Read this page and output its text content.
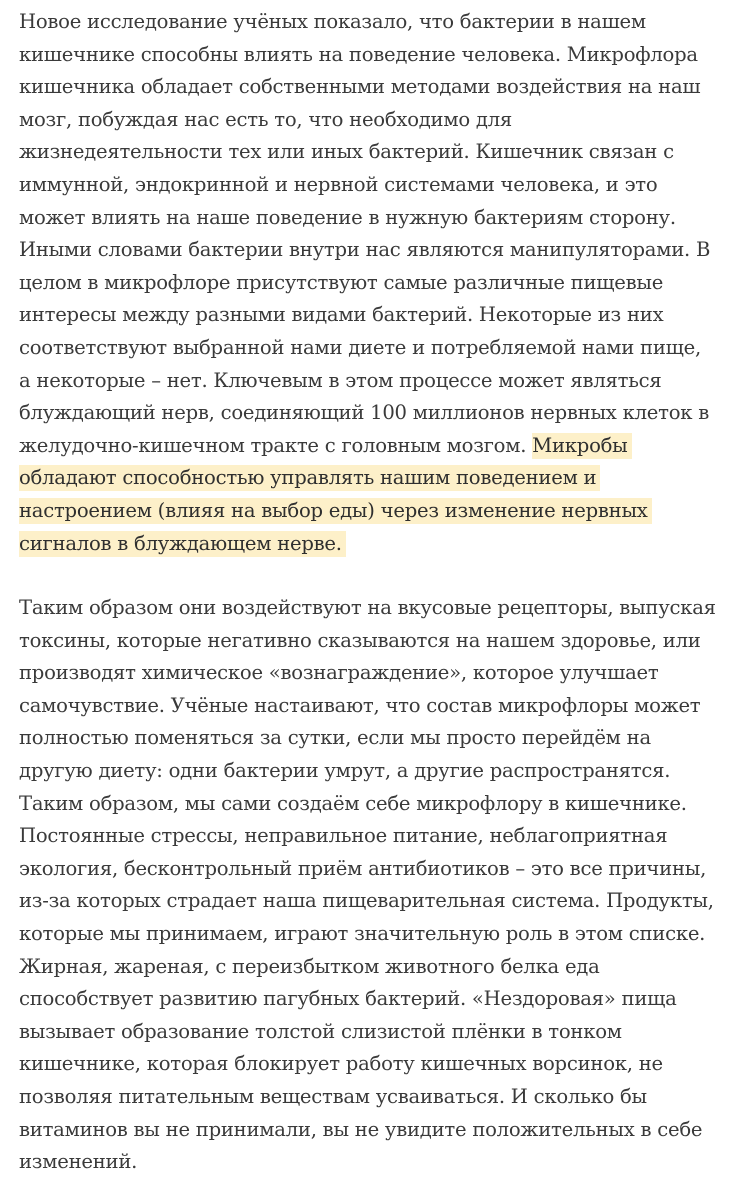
Новое исследование учёных показало, что бактерии в нашем кишечнике способны влиять на поведение человека. Микрофлора кишечника обладает собственными методами воздействия на наш мозг, побуждая нас есть то, что необходимо для жизнедеятельности тех или иных бактерий. Кишечник связан с иммунной, эндокринной и нервной системами человека, и это может влиять на наше поведение в нужную бактериям сторону. Иными словами бактерии внутри нас являются манипуляторами. В целом в микрофлоре присутствуют самые различные пищевые интересы между разными видами бактерий. Некоторые из них соответствуют выбранной нами диете и потребляемой нами пище, а некоторые – нет. Ключевым в этом процессе может являться блуждающий нерв, соединяющий 100 миллионов нервных клеток в желудочно-кишечном тракте с головным мозгом. Микробы обладают способностью управлять нашим поведением и настроением (влияя на выбор еды) через изменение нервных сигналов в блуждающем нерве.

Таким образом они воздействуют на вкусовые рецепторы, выпуская токсины, которые негативно сказываются на нашем здоровье, или производят химическое «вознаграждение», которое улучшает самочувствие. Учёные настаивают, что состав микрофлоры может полностью поменяться за сутки, если мы просто перейдём на другую диету: одни бактерии умрут, а другие распространятся. Таким образом, мы сами создаём себе микрофлору в кишечнике. Постоянные стрессы, неправильное питание, неблагоприятная экология, бесконтрольный приём антибиотиков – это все причины, из-за которых страдает наша пищеварительная система. Продукты, которые мы принимаем, играют значительную роль в этом списке. Жирная, жареная, с переизбытком животного белка еда способствует развитию пагубных бактерий. «Нездоровая» пища вызывает образование толстой слизистой плёнки в тонком кишечнике, которая блокирует работу кишечных ворсинок, не позволяя питательным веществам усваиваться. И сколько бы витаминов вы не принимали, вы не увидите положительных в себе изменений.
